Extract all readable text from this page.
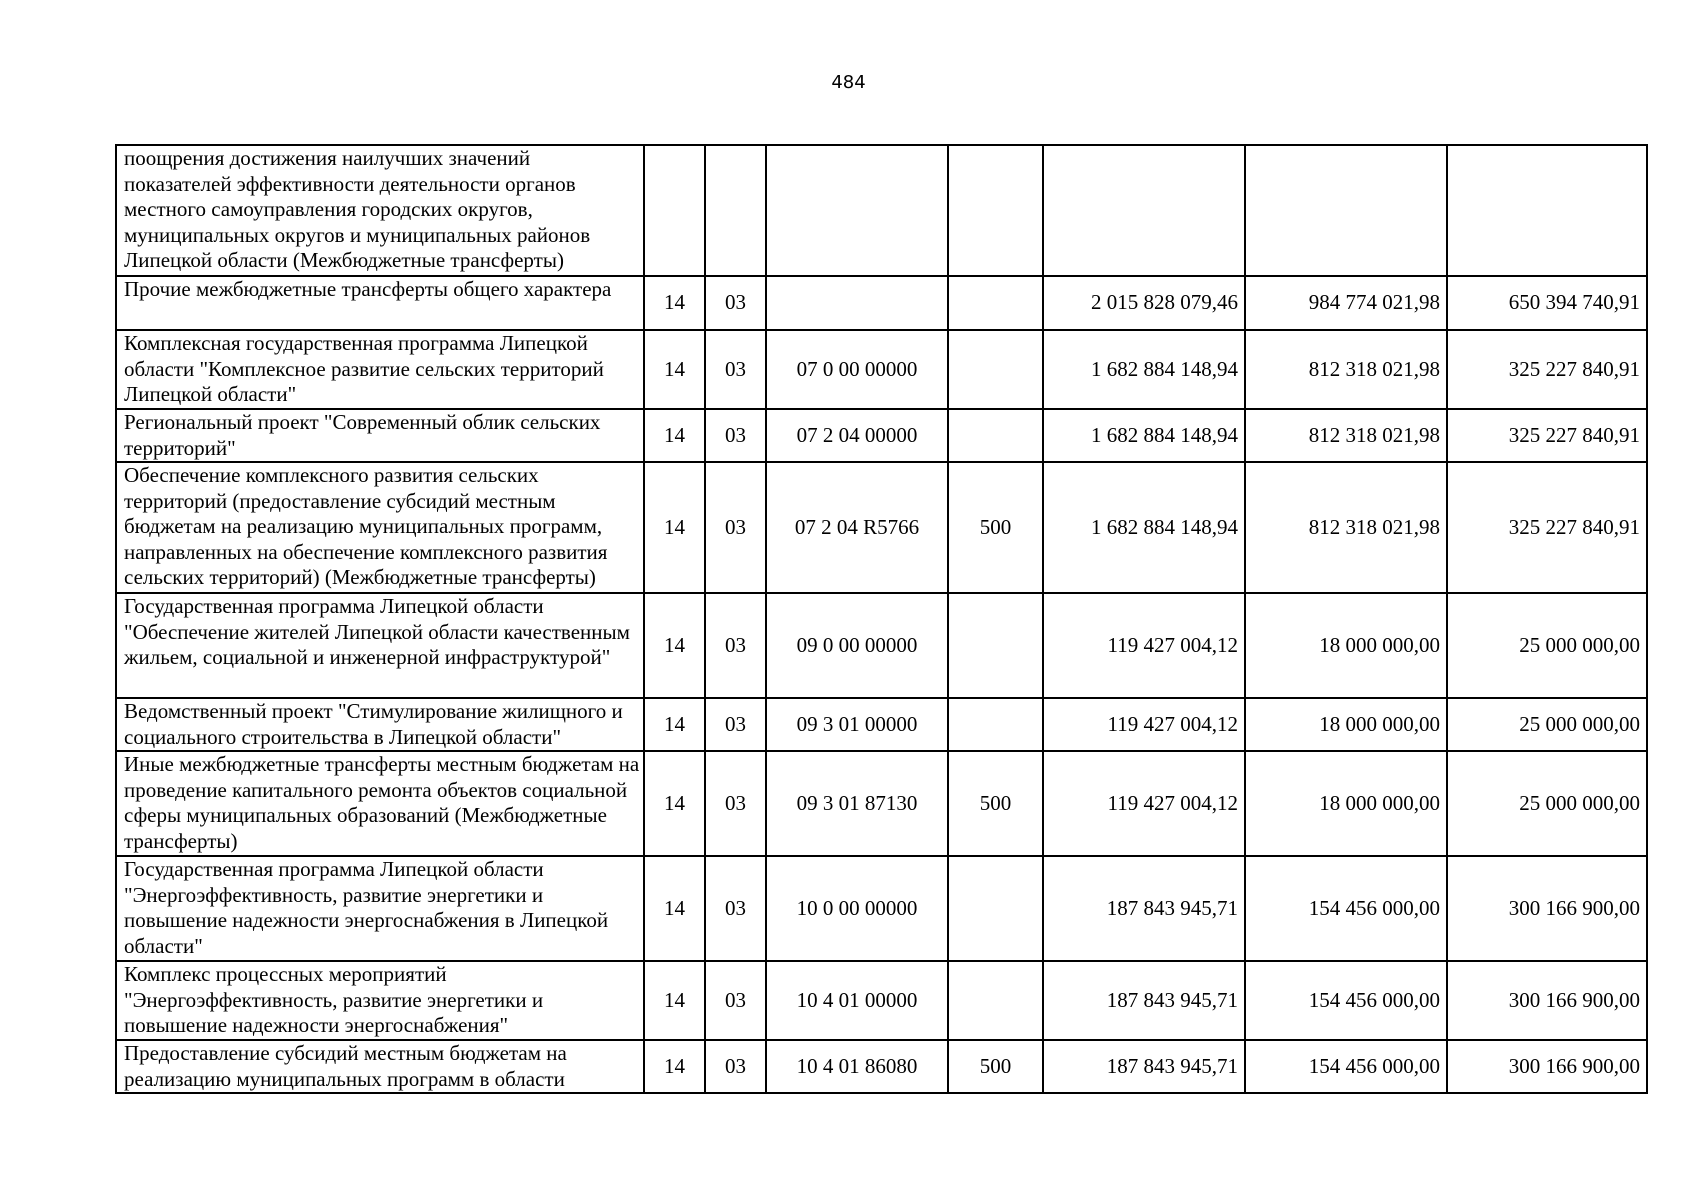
484
поощрения достижения наилучших значений показателей эффективности деятельности органов местного самоуправления городских округов, муниципальных округов и муниципальных районов Липецкой области (Межбюджетные трансферты)							
Прочие межбюджетные трансферты общего характера	14	03			2 015 828 079,46	984 774 021,98	650 394 740,91
Комплексная государственная программа Липецкой области "Комплексное развитие сельских территорий Липецкой области"	14	03	07 0 00 00000		1 682 884 148,94	812 318 021,98	325 227 840,91
Региональный проект "Современный облик сельских территорий"	14	03	07 2 04 00000		1 682 884 148,94	812 318 021,98	325 227 840,91
Обеспечение комплексного развития сельских территорий (предоставление субсидий местным бюджетам на реализацию муниципальных программ, направленных на обеспечение комплексного развития сельских территорий) (Межбюджетные трансферты)	14	03	07 2 04 R5766	500	1 682 884 148,94	812 318 021,98	325 227 840,91
Государственная программа Липецкой области "Обеспечение жителей Липецкой области качественным жильем, социальной и инженерной инфраструктурой"	14	03	09 0 00 00000		119 427 004,12	18 000 000,00	25 000 000,00
Ведомственный проект "Стимулирование жилищного и социального строительства в Липецкой области"	14	03	09 3 01 00000		119 427 004,12	18 000 000,00	25 000 000,00
Иные межбюджетные трансферты местным бюджетам на проведение капитального ремонта объектов социальной сферы муниципальных образований (Межбюджетные трансферты)	14	03	09 3 01 87130	500	119 427 004,12	18 000 000,00	25 000 000,00
Государственная программа Липецкой области "Энергоэффективность, развитие энергетики и повышение надежности энергоснабжения в Липецкой области"	14	03	10 0 00 00000		187 843 945,71	154 456 000,00	300 166 900,00
Комплекс процессных мероприятий "Энергоэффективность, развитие энергетики и повышение надежности энергоснабжения"	14	03	10 4 01 00000		187 843 945,71	154 456 000,00	300 166 900,00
Предоставление субсидий местным бюджетам на реализацию муниципальных программ в области	14	03	10 4 01 86080	500	187 843 945,71	154 456 000,00	300 166 900,00
